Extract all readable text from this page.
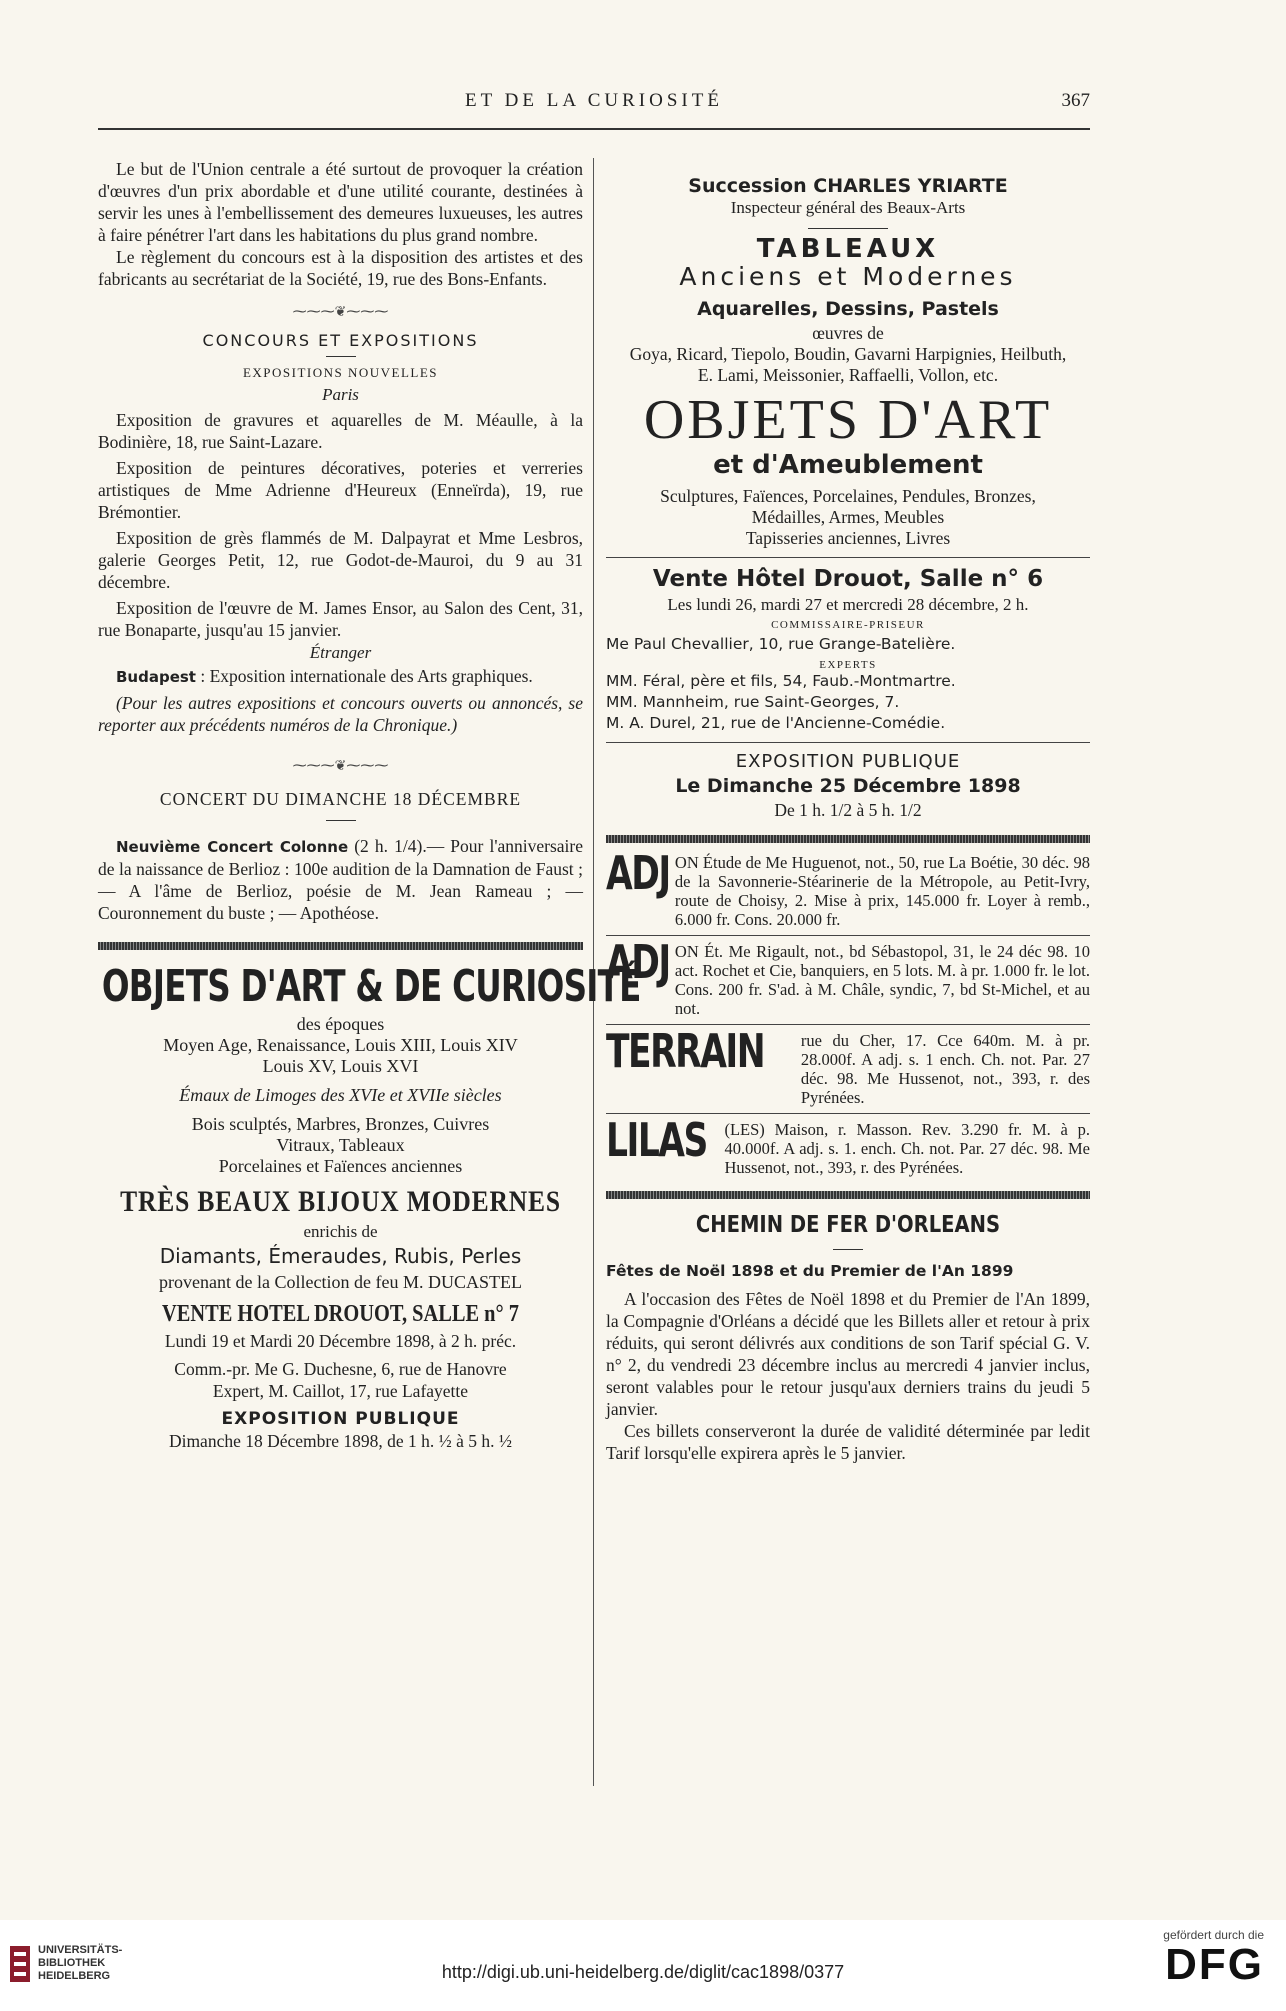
ET DE LA CURIOSITÉ	367

Le but de l'Union centrale a été surtout de provoquer la création d'œuvres d'un prix abordable et d'une utilité courante, destinées à servir les unes à l'embellissement des demeures luxueuses, les autres à faire pénétrer l'art dans les habitations du plus grand nombre.

Le règlement du concours est à la disposition des artistes et des fabricants au secrétariat de la Société, 19, rue des Bons-Enfants.

⁓⁓⁓❦⁓⁓⁓
CONCOURS ET EXPOSITIONS
EXPOSITIONS NOUVELLES
Paris

Exposition de gravures et aquarelles de M. Méaulle, à la Bodinière, 18, rue Saint-Lazare.

Exposition de peintures décoratives, poteries et verreries artistiques de Mme Adrienne d'Heureux (Enneïrda), 19, rue Brémontier.

Exposition de grès flammés de M. Dalpayrat et Mme Lesbros, galerie Georges Petit, 12, rue Godot-de-Mauroi, du 9 au 31 décembre.

Exposition de l'œuvre de M. James Ensor, au Salon des Cent, 31, rue Bonaparte, jusqu'au 15 janvier.

Étranger

Budapest : Exposition internationale des Arts graphiques.

(Pour les autres expositions et concours ouverts ou annoncés, se reporter aux précédents numéros de la Chronique.)

⁓⁓⁓❦⁓⁓⁓
CONCERT DU DIMANCHE 18 DÉCEMBRE

Neuvième Concert Colonne (2 h. 1/4).— Pour l'anniversaire de la naissance de Berlioz : 100e audition de la Damnation de Faust ; — A l'âme de Berlioz, poésie de M. Jean Rameau ; — Couronnement du buste ; — Apothéose.

OBJETS D'ART & DE CURIOSITÉ
des époques
Moyen Age, Renaissance, Louis XIII, Louis XIV
Louis XV, Louis XVI
Émaux de Limoges des XVIe et XVIIe siècles
Bois sculptés, Marbres, Bronzes, Cuivres
Vitraux, Tableaux
Porcelaines et Faïences anciennes
TRÈS BEAUX BIJOUX MODERNES
enrichis de
Diamants, Émeraudes, Rubis, Perles
provenant de la Collection de feu M. DUCASTEL
VENTE HOTEL DROUOT, SALLE n° 7
Lundi 19 et Mardi 20 Décembre 1898, à 2 h. préc.
Comm.-pr. Me G. Duchesne, 6, rue de Hanovre
Expert, M. Caillot, 17, rue Lafayette
EXPOSITION PUBLIQUE
Dimanche 18 Décembre 1898, de 1 h. ½ à 5 h. ½
Succession CHARLES YRIARTE
Inspecteur général des Beaux-Arts
TABLEAUX
Anciens et Modernes
Aquarelles, Dessins, Pastels
œuvres de
Goya, Ricard, Tiepolo, Boudin, Gavarni Harpignies, Heilbuth, E. Lami, Meissonier, Raffaelli, Vollon, etc.
OBJETS D'ART
et d'Ameublement
Sculptures, Faïences, Porcelaines, Pendules, Bronzes, Médailles, Armes, Meubles
Tapisseries anciennes, Livres
Vente Hôtel Drouot, Salle n° 6
Les lundi 26, mardi 27 et mercredi 28 décembre, 2 h.
COMMISSAIRE-PRISEUR
Me Paul Chevallier, 10, rue Grange-Batelière.
EXPERTS
MM. Féral, père et fils, 54, Faub.-Montmartre.
MM. Mannheim, rue Saint-Georges, 7.
M. A. Durel, 21, rue de l'Ancienne-Comédie.
EXPOSITION PUBLIQUE
Le Dimanche 25 Décembre 1898
De 1 h. 1/2 à 5 h. 1/2
ADJ ON Étude de Me Huguenot, not., 50, rue La Boétie, 30 déc. 98 de la Savonnerie-Stéarinerie de la Métropole, au Petit-Ivry, route de Choisy, 2. Mise à prix, 145.000 fr. Loyer à remb., 6.000 fr. Cons. 20.000 fr.
ADJ ON Ét. Me Rigault, not., bd Sébastopol, 31, le 24 déc 98. 10 act. Rochet et Cie, banquiers, en 5 lots. M. à pr. 1.000 fr. le lot. Cons. 200 fr. S'ad. à M. Châle, syndic, 7, bd St-Michel, et au not.
TERRAIN rue du Cher, 17. Cce 640m. M. à pr. 28.000f. A adj. s. 1 ench. Ch. not. Par. 27 déc. 98. Me Hussenot, not., 393, r. des Pyrénées.
LILAS (LES) Maison, r. Masson. Rev. 3.290 fr. M. à p. 40.000f. A adj. s. 1. ench. Ch. not. Par. 27 déc. 98. Me Hussenot, not., 393, r. des Pyrénées.
CHEMIN DE FER D'ORLEANS
Fêtes de Noël 1898 et du Premier de l'An 1899

A l'occasion des Fêtes de Noël 1898 et du Premier de l'An 1899, la Compagnie d'Orléans a décidé que les Billets aller et retour à prix réduits, qui seront délivrés aux conditions de son Tarif spécial G. V. n° 2, du vendredi 23 décembre inclus au mercredi 4 janvier inclus, seront valables pour le retour jusqu'aux derniers trains du jeudi 5 janvier.

Ces billets conserveront la durée de validité déterminée par ledit Tarif lorsqu'elle expirera après le 5 janvier.

UNIVERSITÄTS-
BIBLIOTHEK
HEIDELBERG	http://digi.ub.uni-heidelberg.de/diglit/cac1898/0377
gefördert durch die
DFG
